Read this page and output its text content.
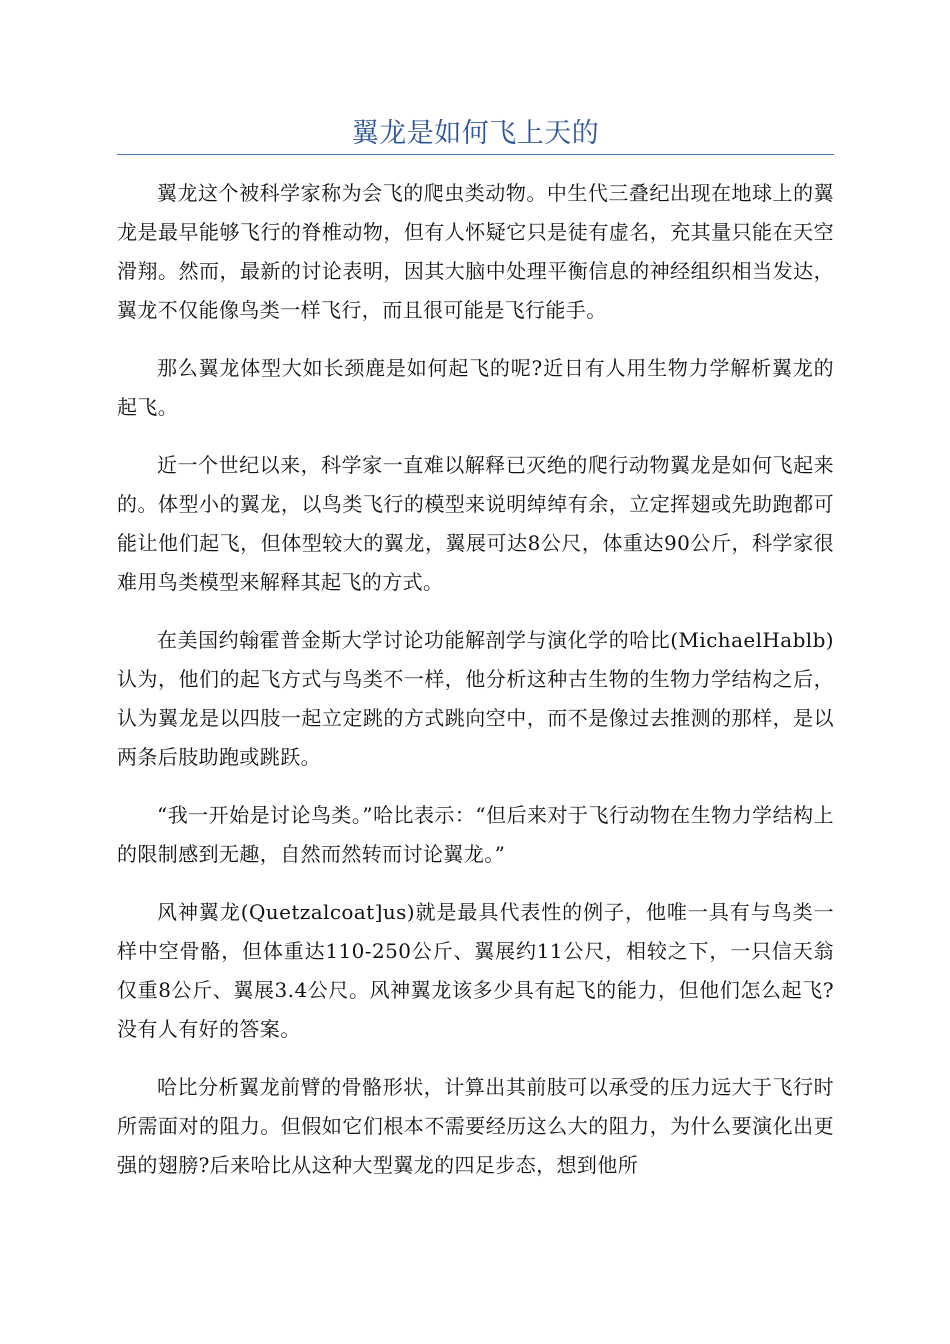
翼龙是如何飞上天的

翼龙这个被科学家称为会飞的爬虫类动物。中生代三叠纪出现在地球上的翼龙是最早能够飞行的脊椎动物，但有人怀疑它只是徒有虚名，充其量只能在天空滑翔。然而，最新的讨论表明，因其大脑中处理平衡信息的神经组织相当发达，翼龙不仅能像鸟类一样飞行，而且很可能是飞行能手。

那么翼龙体型大如长颈鹿是如何起飞的呢?近日有人用生物力学解析翼龙的起飞。

近一个世纪以来，科学家一直难以解释已灭绝的爬行动物翼龙是如何飞起来的。体型小的翼龙，以鸟类飞行的模型来说明绰绰有余，立定挥翅或先助跑都可能让他们起飞，但体型较大的翼龙，翼展可达8公尺，体重达90公斤，科学家很难用鸟类模型来解释其起飞的方式。

在美国约翰霍普金斯大学讨论功能解剖学与演化学的哈比(MichaelHablb)认为，他们的起飞方式与鸟类不一样，他分析这种古生物的生物力学结构之后，认为翼龙是以四肢一起立定跳的方式跳向空中，而不是像过去推测的那样，是以两条后肢助跑或跳跃。

“我一开始是讨论鸟类。”哈比表示：“但后来对于飞行动物在生物力学结构上的限制感到无趣，自然而然转而讨论翼龙。”

风神翼龙(Quetzalcoat]us)就是最具代表性的例子，他唯一具有与鸟类一样中空骨骼，但体重达110-250公斤、翼展约11公尺，相较之下，一只信天翁仅重8公斤、翼展3.4公尺。风神翼龙该多少具有起飞的能力，但他们怎么起飞?没有人有好的答案。

哈比分析翼龙前臂的骨骼形状，计算出其前肢可以承受的压力远大于飞行时所需面对的阻力。但假如它们根本不需要经历这么大的阻力，为什么要演化出更强的翅膀?后来哈比从这种大型翼龙的四足步态，想到他所
